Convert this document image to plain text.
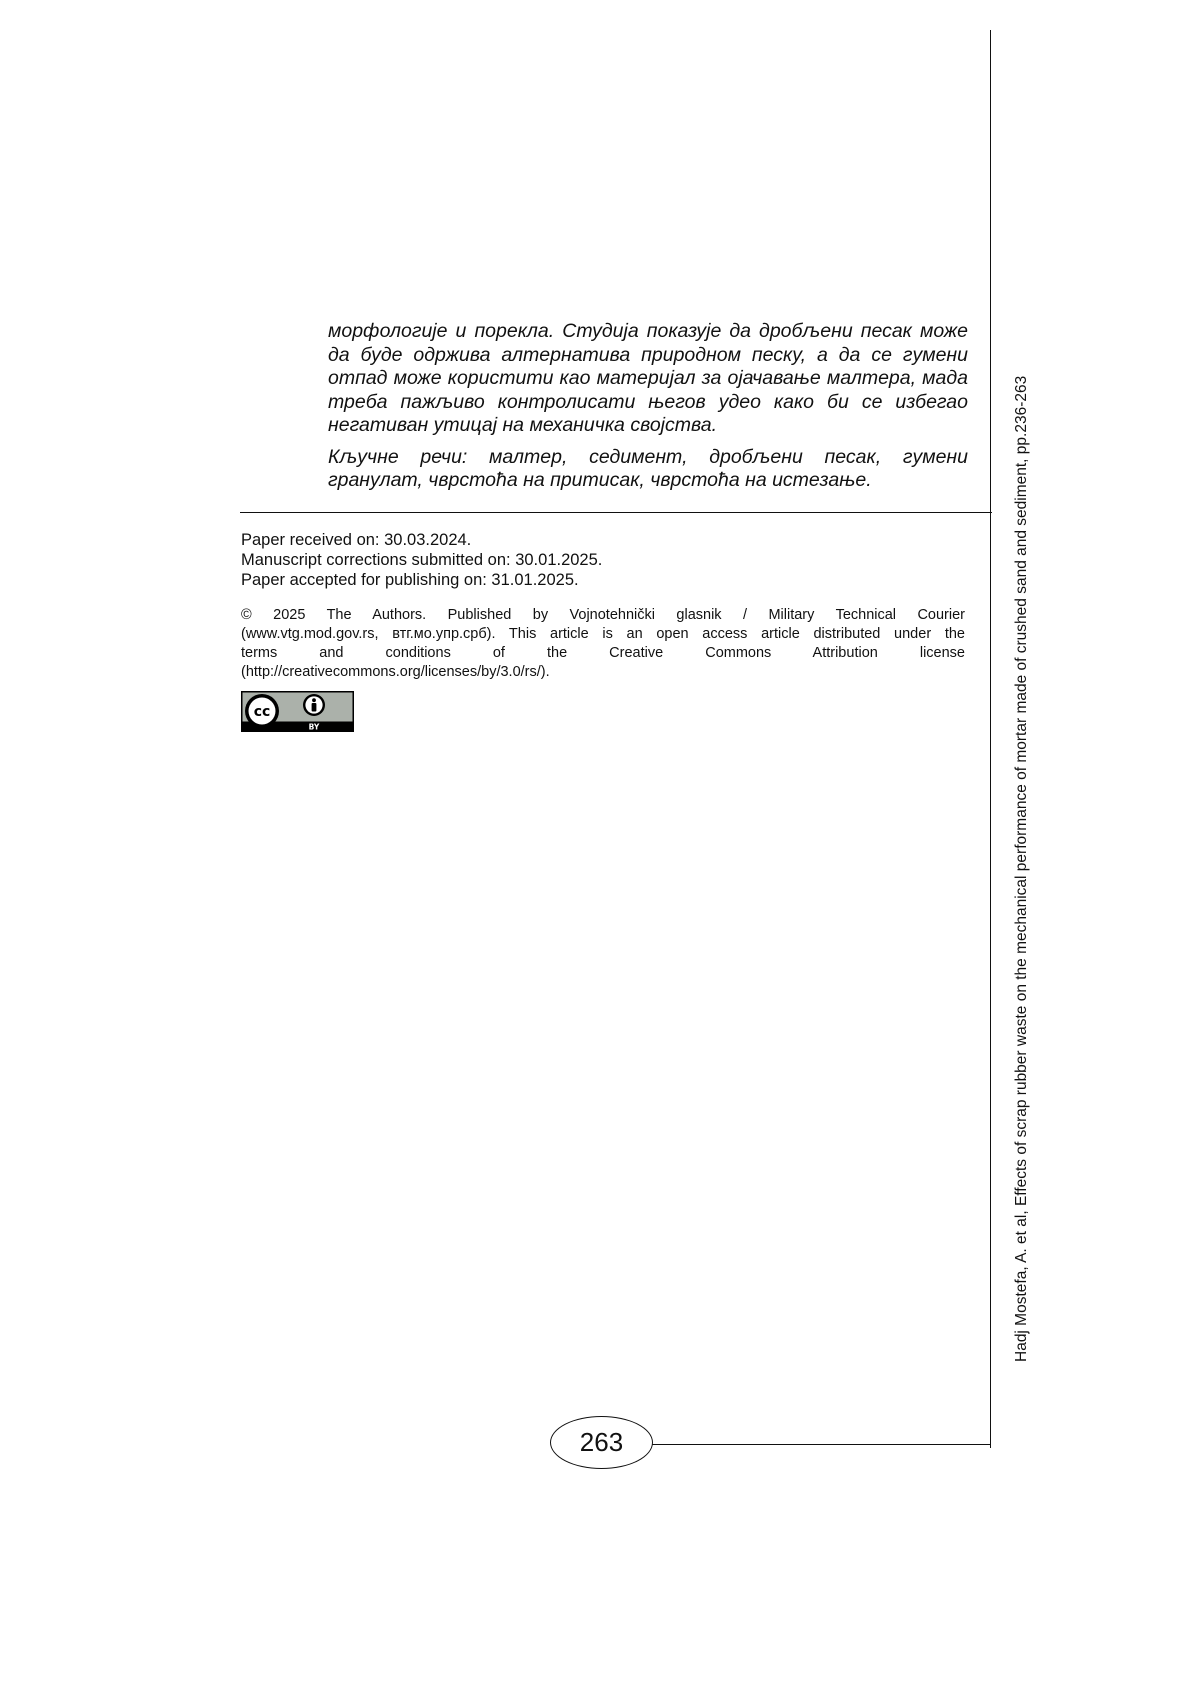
морфологије и порекла. Студија показује да дробљени песак може да буде одржива алтернатива природном песку, а да се гумени отпад може користити као материјал за ојачавање малтера, мада треба пажљиво контролисати његов удео како би се избегао негативан утицај на механичка својства.

Кључне речи: малтер, седимент, дробљени песак, гумени гранулат, чврстоћа на притисак, чврстоћа на истезање.

Paper received on: 30.03.2024.
Manuscript corrections submitted on: 30.01.2025.
Paper accepted for publishing on: 31.01.2025.
© 2025 The Authors. Published by Vojnotehnički glasnik / Military Technical Courier
(www.vtg.mod.gov.rs, втг.мо.упр.срб). This article is an open access article distributed under the
terms and conditions of the Creative Commons Attribution license
(http://creativecommons.org/licenses/by/3.0/rs/).
cc
BY	Hadj Mostefa, A. et al, Effects of scrap rubber waste on the mechanical performance of mortar made of crushed sand and sediment, pp.236-263
263
